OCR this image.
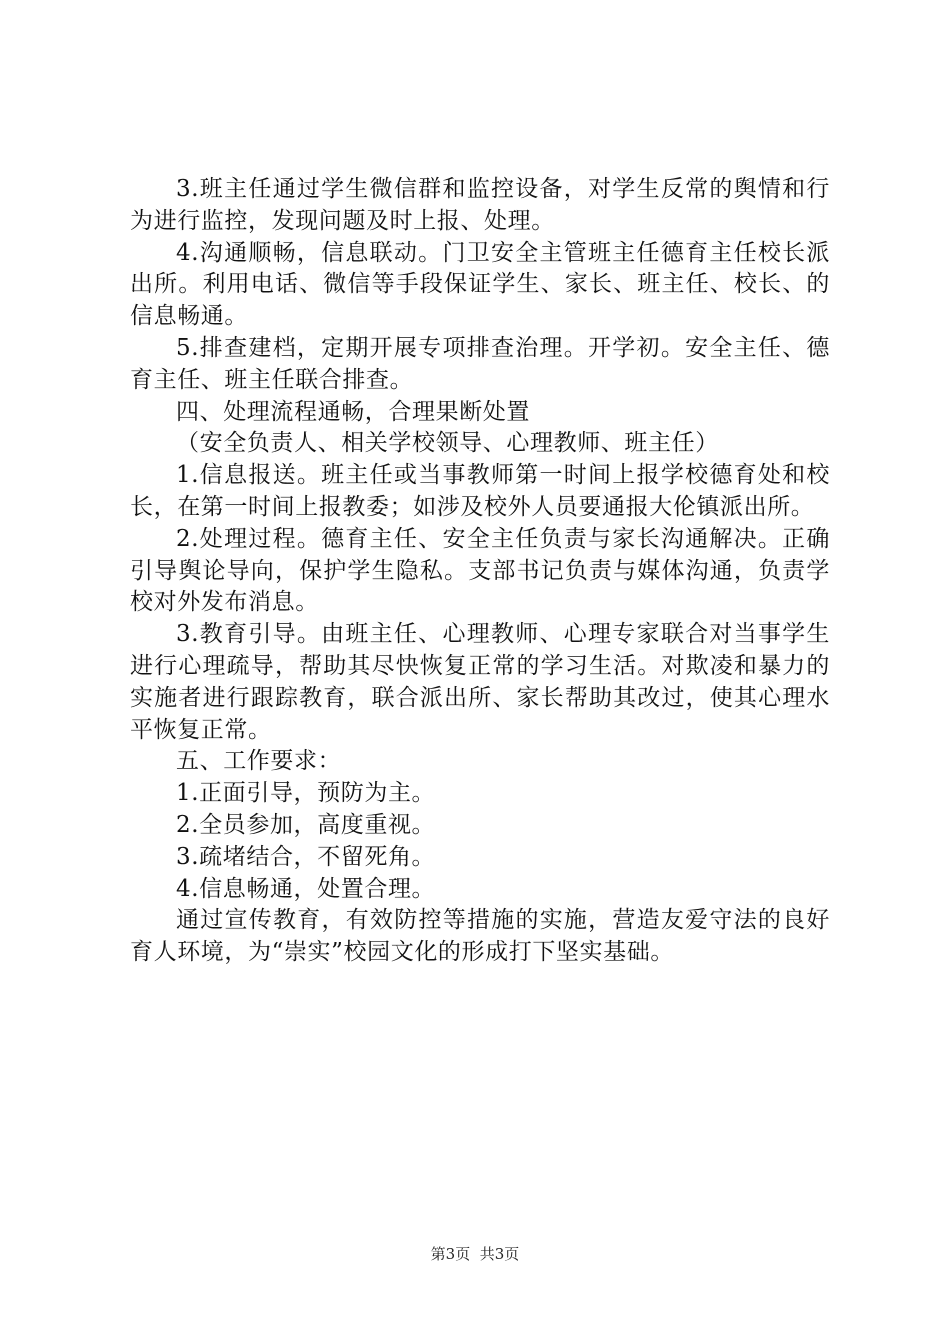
3.班主任通过学生微信群和监控设备，对学生反常的舆情和行为进行监控，发现问题及时上报、处理。

4.沟通顺畅，信息联动。门卫安全主管班主任德育主任校长派出所。利用电话、微信等手段保证学生、家长、班主任、校长、的信息畅通。

5.排查建档，定期开展专项排查治理。开学初。安全主任、德育主任、班主任联合排查。

四、处理流程通畅，合理果断处置

（安全负责人、相关学校领导、心理教师、班主任）

1.信息报送。班主任或当事教师第一时间上报学校德育处和校长，在第一时间上报教委；如涉及校外人员要通报大伦镇派出所。

2.处理过程。德育主任、安全主任负责与家长沟通解决。正确引导舆论导向，保护学生隐私。支部书记负责与媒体沟通，负责学校对外发布消息。

3.教育引导。由班主任、心理教师、心理专家联合对当事学生进行心理疏导，帮助其尽快恢复正常的学习生活。对欺凌和暴力的实施者进行跟踪教育，联合派出所、家长帮助其改过，使其心理水平恢复正常。

五、工作要求：

1.正面引导，预防为主。

2.全员参加，高度重视。

3.疏堵结合，不留死角。

4.信息畅通，处置合理。

通过宣传教育，有效防控等措施的实施，营造友爱守法的良好育人环境，为“崇实”校园文化的形成打下坚实基础。

第3页 共3页
